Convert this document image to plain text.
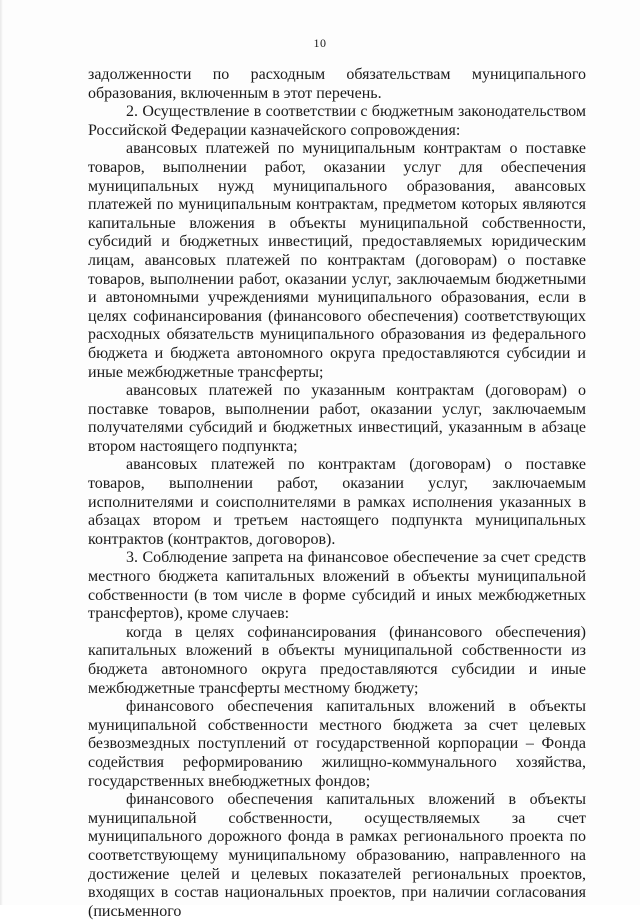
10

задолженности по расходным обязательствам муниципального образования, включенным в этот перечень.

2. Осуществление в соответствии с бюджетным законодательством Российской Федерации казначейского сопровождения:

авансовых платежей по муниципальным контрактам о поставке товаров, выполнении работ, оказании услуг для обеспечения муниципальных нужд муниципального образования, авансовых платежей по муниципальным контрактам, предметом которых являются капитальные вложения в объекты муниципальной собственности, субсидий и бюджетных инвестиций, предоставляемых юридическим лицам, авансовых платежей по контрактам (договорам) о поставке товаров, выполнении работ, оказании услуг, заключаемым бюджетными и автономными учреждениями муниципального образования, если в целях софинансирования (финансового обеспечения) соответствующих расходных обязательств муниципального образования из федерального бюджета и бюджета автономного округа предоставляются субсидии и иные межбюджетные трансферты;

авансовых платежей по указанным контрактам (договорам) о поставке товаров, выполнении работ, оказании услуг, заключаемым получателями субсидий и бюджетных инвестиций, указанным в абзаце втором настоящего подпункта;

авансовых платежей по контрактам (договорам) о поставке товаров, выполнении работ, оказании услуг, заключаемым исполнителями и соисполнителями в рамках исполнения указанных в абзацах втором и третьем настоящего подпункта муниципальных контрактов (контрактов, договоров).

3. Соблюдение запрета на финансовое обеспечение за счет средств местного бюджета капитальных вложений в объекты муниципальной собственности (в том числе в форме субсидий и иных межбюджетных трансфертов), кроме случаев:

когда в целях софинансирования (финансового обеспечения) капитальных вложений в объекты муниципальной собственности из бюджета автономного округа предоставляются субсидии и иные межбюджетные трансферты местному бюджету;

финансового обеспечения капитальных вложений в объекты муниципальной собственности местного бюджета за счет целевых безвозмездных поступлений от государственной корпорации – Фонда содействия реформированию жилищно-коммунального хозяйства, государственных внебюджетных фондов;

финансового обеспечения капитальных вложений в объекты муниципальной собственности, осуществляемых за счет муниципального дорожного фонда в рамках регионального проекта по соответствующему муниципальному образованию, направленного на достижение целей и целевых показателей региональных проектов, входящих в состав национальных проектов, при наличии согласования (письменного
